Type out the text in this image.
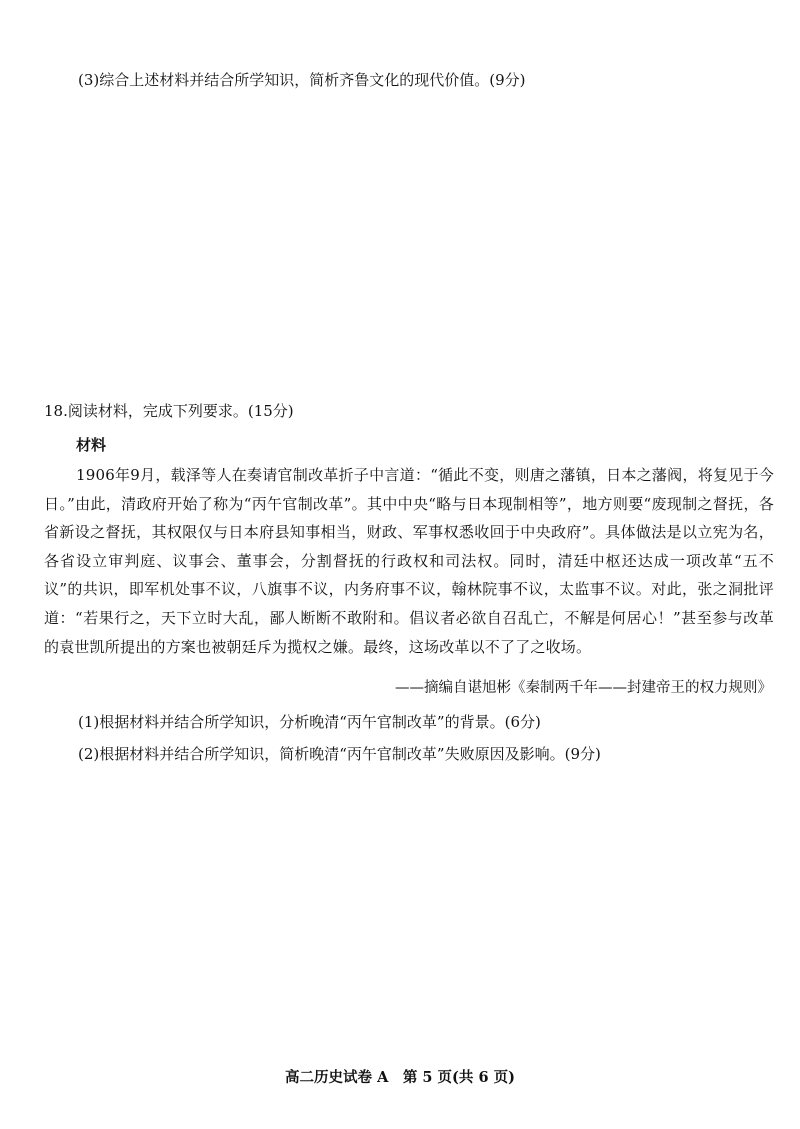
(3)综合上述材料并结合所学知识，简析齐鲁文化的现代价值。(9分)
18.阅读材料，完成下列要求。(15分)
材料
1906年9月，载泽等人在奏请官制改革折子中言道：“循此不变，则唐之藩镇，日本之藩阀，将复见于今日。”由此，清政府开始了称为“丙午官制改革”。其中中央“略与日本现制相等”，地方则要“废现制之督抚，各省新设之督抚，其权限仅与日本府县知事相当，财政、军事权悉收回于中央政府”。具体做法是以立宪为名，各省设立审判庭、议事会、董事会，分割督抚的行政权和司法权。同时，清廷中枢还达成一项改革“五不议”的共识，即军机处事不议，八旗事不议，内务府事不议，翰林院事不议，太监事不议。对此，张之洞批评道：“若果行之，天下立时大乱，鄙人断断不敢附和。倡议者必欲自召乱亡，不解是何居心！”甚至参与改革的袁世凯所提出的方案也被朝廷斥为揽权之嫌。最终，这场改革以不了了之收场。
——摘编自谌旭彬《秦制两千年——封建帝王的权力规则》
(1)根据材料并结合所学知识，分析晚清“丙午官制改革”的背景。(6分)
(2)根据材料并结合所学知识，简析晚清“丙午官制改革”失败原因及影响。(9分)
高二历史试卷 A　第 5 页(共 6 页)
